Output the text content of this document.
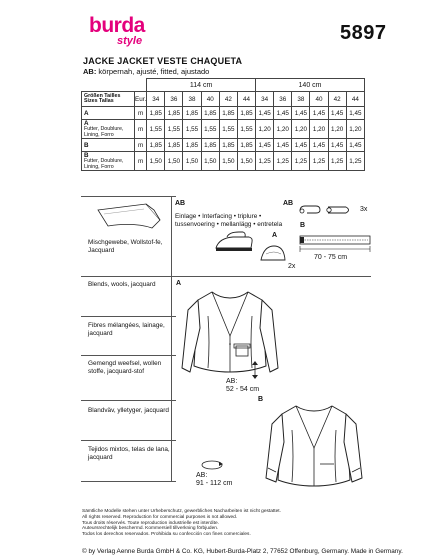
burda
style	5897
JACKE JACKET VESTE CHAQUETA
AB: körpernah, ajusté, fitted, ajustado
		114 cm						140 cm					
Größen Tailles Sizes Tallas	Eur.	34	36	38	40	42	44	34	36	38	40	42	44
A	m	1,85	1,85	1,85	1,85	1,85	1,85	1,45	1,45	1,45	1,45	1,45	1,45
A
Futter, Doublure, Lining, Forro	m	1,55	1,55	1,55	1,55	1,55	1,55	1,20	1,20	1,20	1,20	1,20	1,20
B	m	1,85	1,85	1,85	1,85	1,85	1,85	1,45	1,45	1,45	1,45	1,45	1,45
B
Futter, Doublure, Lining, Forro	m	1,50	1,50	1,50	1,50	1,50	1,50	1,25	1,25	1,25	1,25	1,25	1,25
Mischgewebe, Wollstof-fe, Jacquard
Blends, wools, jacquard
Fibres mélangées, lainage, jacquard
Gemengd weefsel, wollen stoffe, jacquard-stof
Blandväv, ylletyger, jacquard
Tejidos mixtos, telas de lana, jacquard
AB
Einlage • Interfacing • triplure • tussenvoering • mellanlägg • entretela
A
2x
AB
3x
B
70 - 75 cm
A
AB:
52 - 54 cm
B
AB:
91 - 112 cm
Sämtliche Modelle stehen unter Urheberschutz, gewerbliches Nacharbeiten ist nicht gestattet.
All rights reserved. Reproduction for commercial purposes is not allowed.
Tous droits réservés. Toute reproduction industrielle est interdite.
Auteursrechtelijk beschermd. Kommersiell tillverkning förbjuden.
Todos los derechos reservados. Prohibida su confección con fines comerciales.
© by Verlag Aenne Burda GmbH & Co. KG, Hubert-Burda-Platz 2, 77652 Offenburg, Germany. Made in Germany.
